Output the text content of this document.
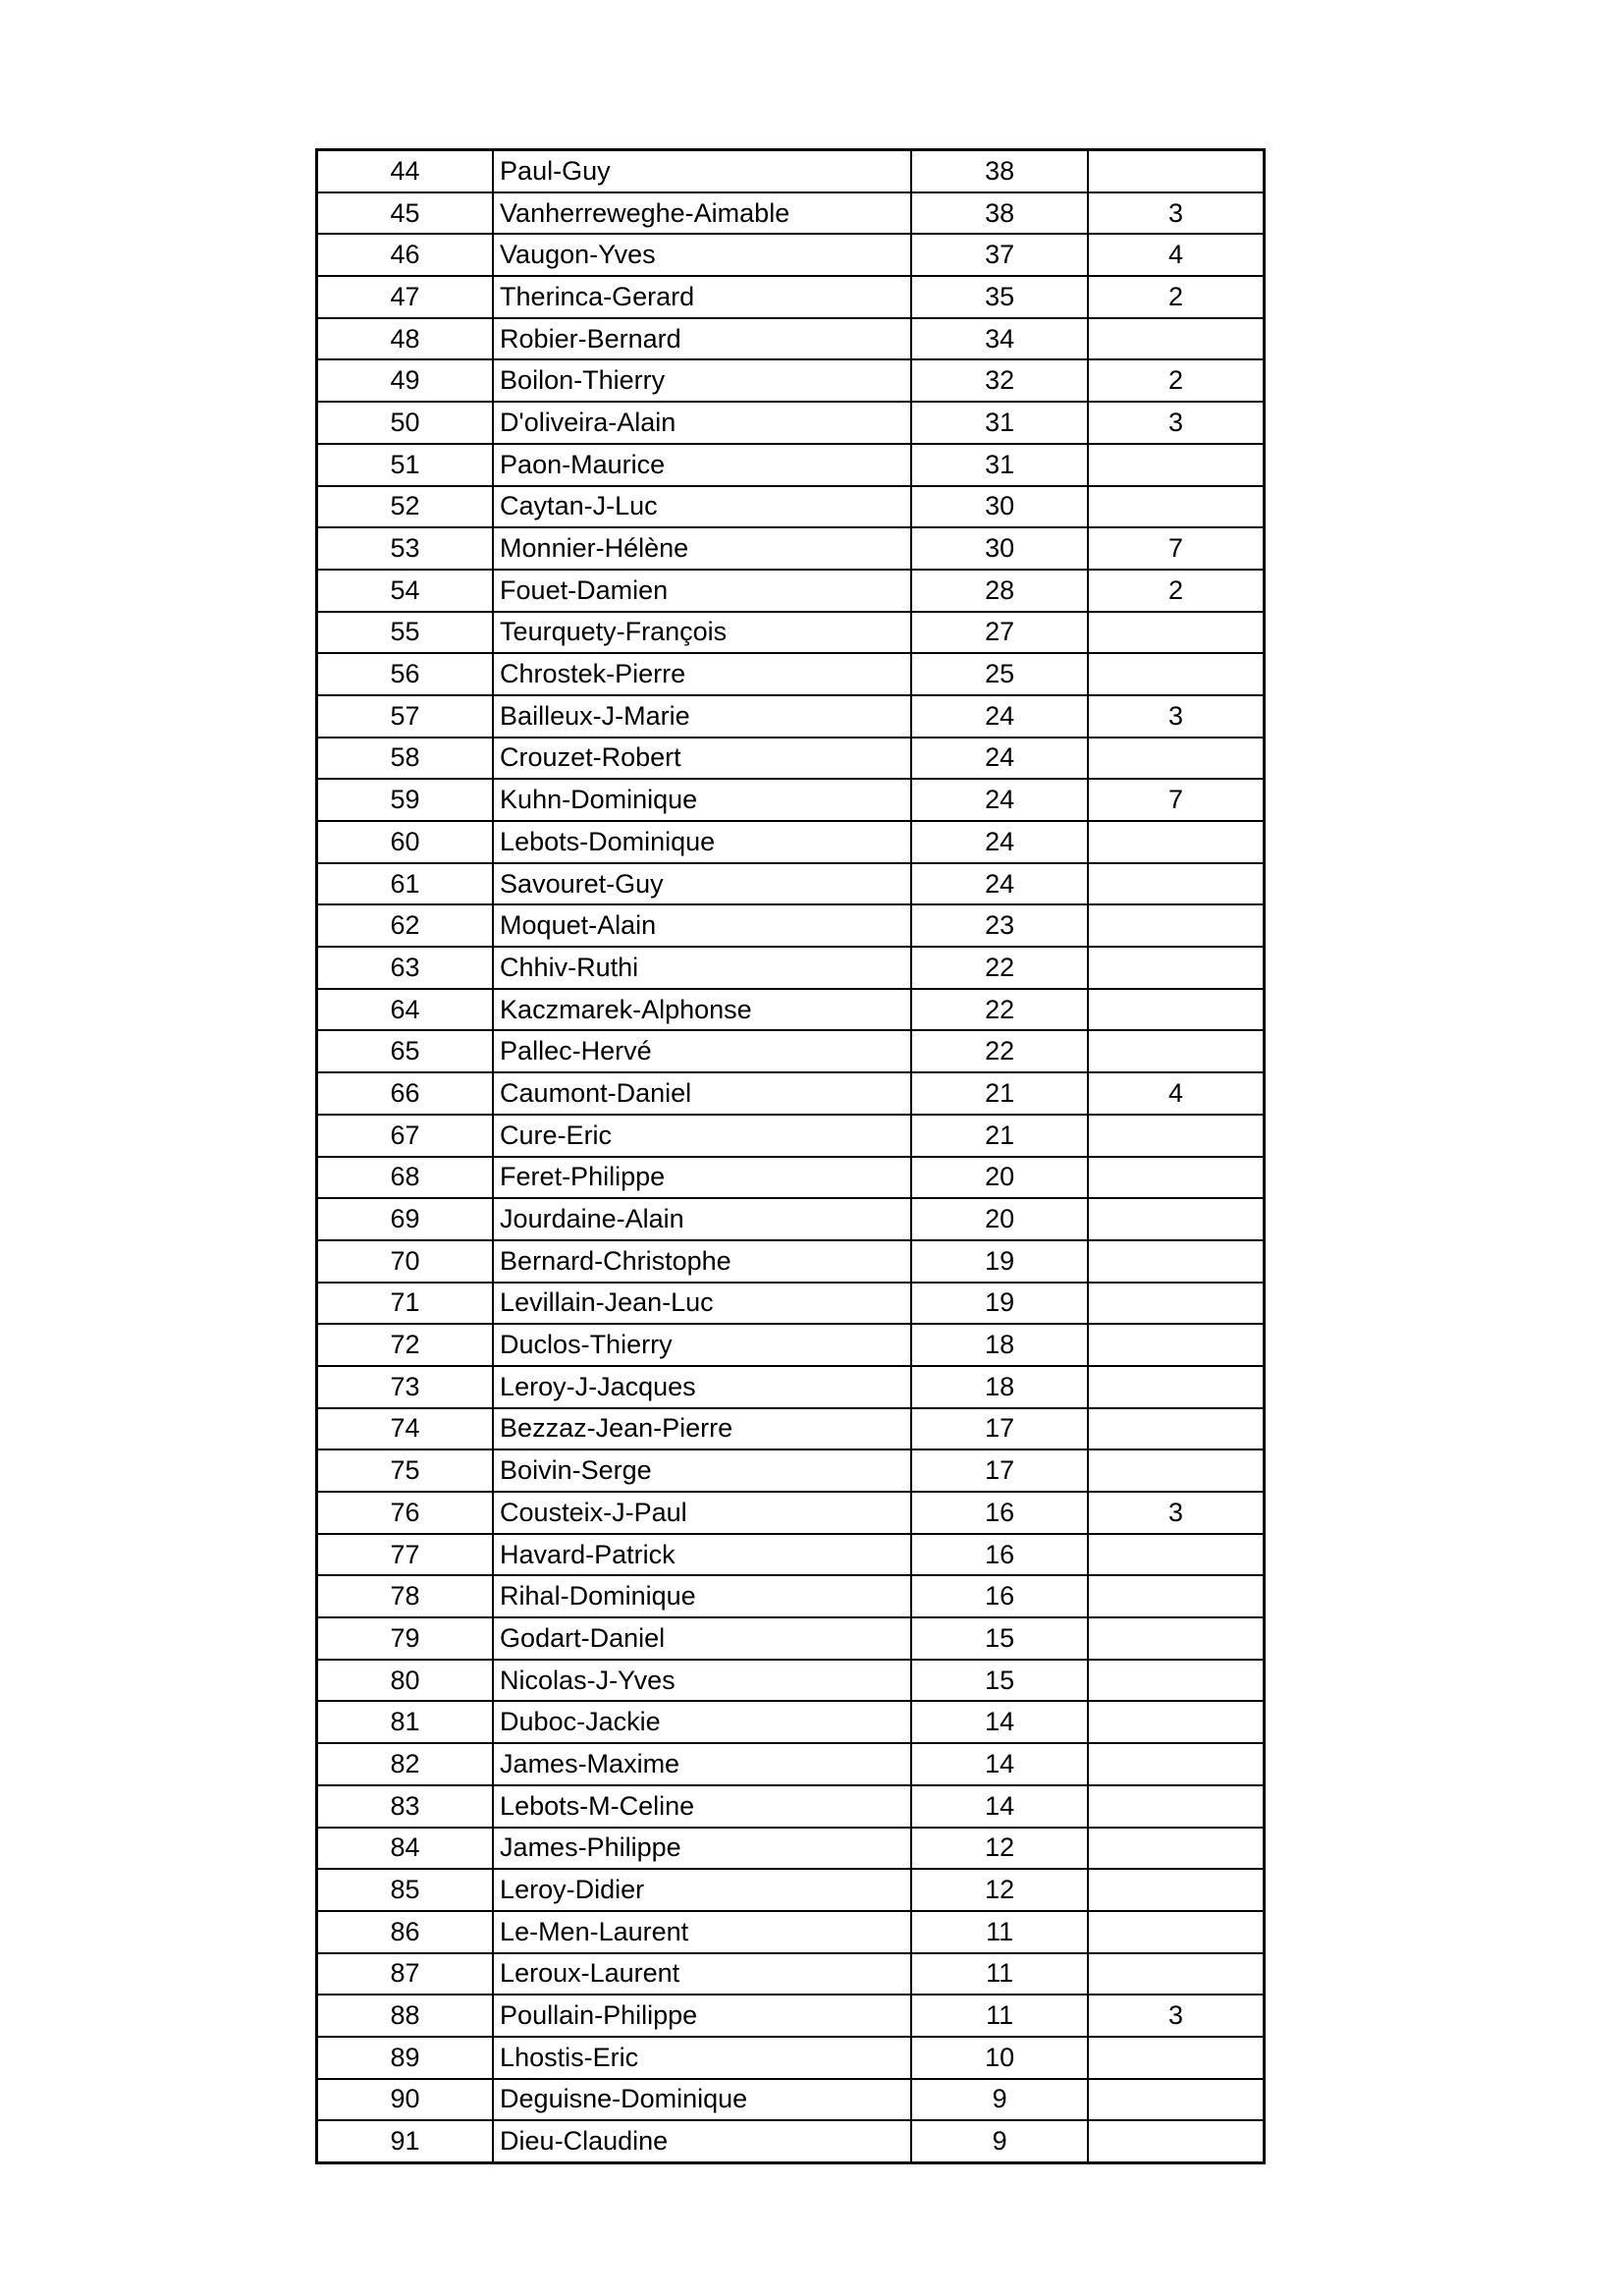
44	Paul-Guy	38	
45	Vanherreweghe-Aimable	38	3
46	Vaugon-Yves	37	4
47	Therinca-Gerard	35	2
48	Robier-Bernard	34	
49	Boilon-Thierry	32	2
50	D'oliveira-Alain	31	3
51	Paon-Maurice	31	
52	Caytan-J-Luc	30	
53	Monnier-Hélène	30	7
54	Fouet-Damien	28	2
55	Teurquety-François	27	
56	Chrostek-Pierre	25	
57	Bailleux-J-Marie	24	3
58	Crouzet-Robert	24	
59	Kuhn-Dominique	24	7
60	Lebots-Dominique	24	
61	Savouret-Guy	24	
62	Moquet-Alain	23	
63	Chhiv-Ruthi	22	
64	Kaczmarek-Alphonse	22	
65	Pallec-Hervé	22	
66	Caumont-Daniel	21	4
67	Cure-Eric	21	
68	Feret-Philippe	20	
69	Jourdaine-Alain	20	
70	Bernard-Christophe	19	
71	Levillain-Jean-Luc	19	
72	Duclos-Thierry	18	
73	Leroy-J-Jacques	18	
74	Bezzaz-Jean-Pierre	17	
75	Boivin-Serge	17	
76	Cousteix-J-Paul	16	3
77	Havard-Patrick	16	
78	Rihal-Dominique	16	
79	Godart-Daniel	15	
80	Nicolas-J-Yves	15	
81	Duboc-Jackie	14	
82	James-Maxime	14	
83	Lebots-M-Celine	14	
84	James-Philippe	12	
85	Leroy-Didier	12	
86	Le-Men-Laurent	11	
87	Leroux-Laurent	11	
88	Poullain-Philippe	11	3
89	Lhostis-Eric	10	
90	Deguisne-Dominique	9	
91	Dieu-Claudine	9	
